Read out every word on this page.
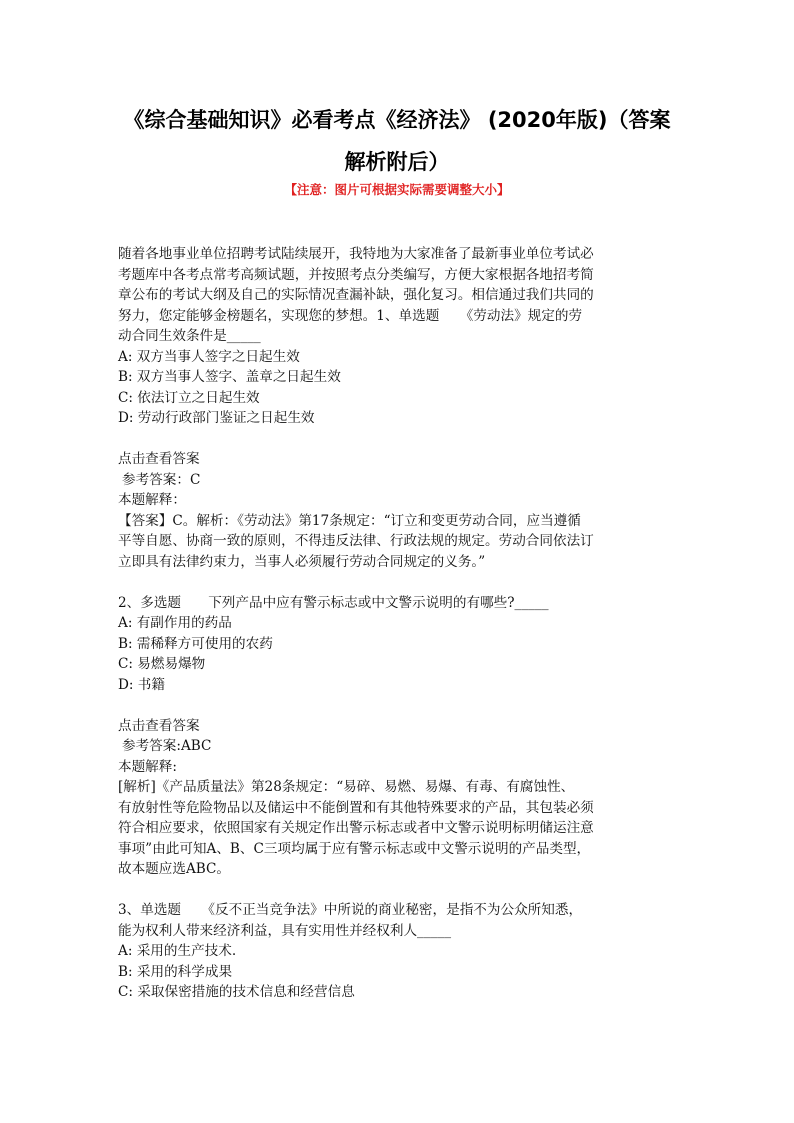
《综合基础知识》必看考点《经济法》 (2020年版)（答案
解析附后）
【注意：图片可根据实际需要调整大小】
随着各地事业单位招聘考试陆续展开，我特地为大家准备了最新事业单位考试必
考题库中各考点常考高频试题，并按照考点分类编写，方便大家根据各地招考简
章公布的考试大纲及自己的实际情况查漏补缺，强化复习。相信通过我们共同的
努力，您定能够金榜题名，实现您的梦想。1、单选题　　《劳动法》规定的劳
动合同生效条件是_____
A: 双方当事人签字之日起生效
B: 双方当事人签字、盖章之日起生效
C: 依法订立之日起生效
D: 劳动行政部门鉴证之日起生效
点击查看答案
参考答案：C
本题解释：
【答案】C。解析：《劳动法》第17条规定：“订立和变更劳动合同，应当遵循
平等自愿、协商一致的原则，不得违反法律、行政法规的规定。劳动合同依法订
立即具有法律约束力，当事人必须履行劳动合同规定的义务。”
2、多选题　　下列产品中应有警示标志或中文警示说明的有哪些?_____
A: 有副作用的药品
B: 需稀释方可使用的农药
C: 易燃易爆物
D: 书籍
点击查看答案
参考答案:ABC
本题解释:
[解析]《产品质量法》第28条规定：“易碎、易燃、易爆、有毒、有腐蚀性、
有放射性等危险物品以及储运中不能倒置和有其他特殊要求的产品，其包装必须
符合相应要求，依照国家有关规定作出警示标志或者中文警示说明标明储运注意
事项”由此可知A、B、C三项均属于应有警示标志或中文警示说明的产品类型，
故本题应选ABC。
3、单选题　　《反不正当竞争法》中所说的商业秘密，是指不为公众所知悉，
能为权利人带来经济利益，具有实用性并经权利人_____
A: 采用的生产技术.
B: 采用的科学成果
C: 采取保密措施的技术信息和经营信息
